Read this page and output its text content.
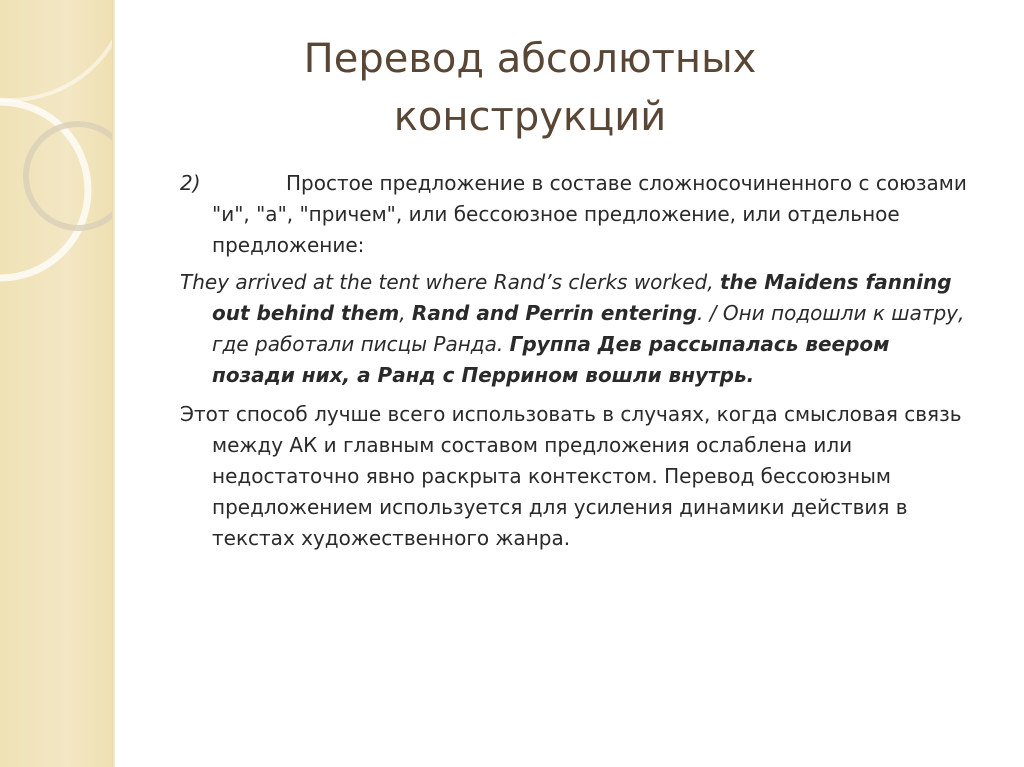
Перевод абсолютных
конструкций

2)	Простое предложение в составе сложносочиненного с союзами "и", "а", "причем", или бессоюзное предложение, или отдельное предложение:

They arrived at the tent where Rand’s clerks worked, the Maidens fanning out behind them, Rand and Perrin entering. / Они подошли к шатру, где работали писцы Ранда. Группа Дев рассыпалась веером позади них, а Ранд с Перрином вошли внутрь.

Этот способ лучше всего использовать в случаях, когда смысловая связь между АК и главным составом предложения ослаблена или недостаточно явно раскрыта контекстом. Перевод бессоюзным предложением используется для усиления динамики действия в текстах художественного жанра.
